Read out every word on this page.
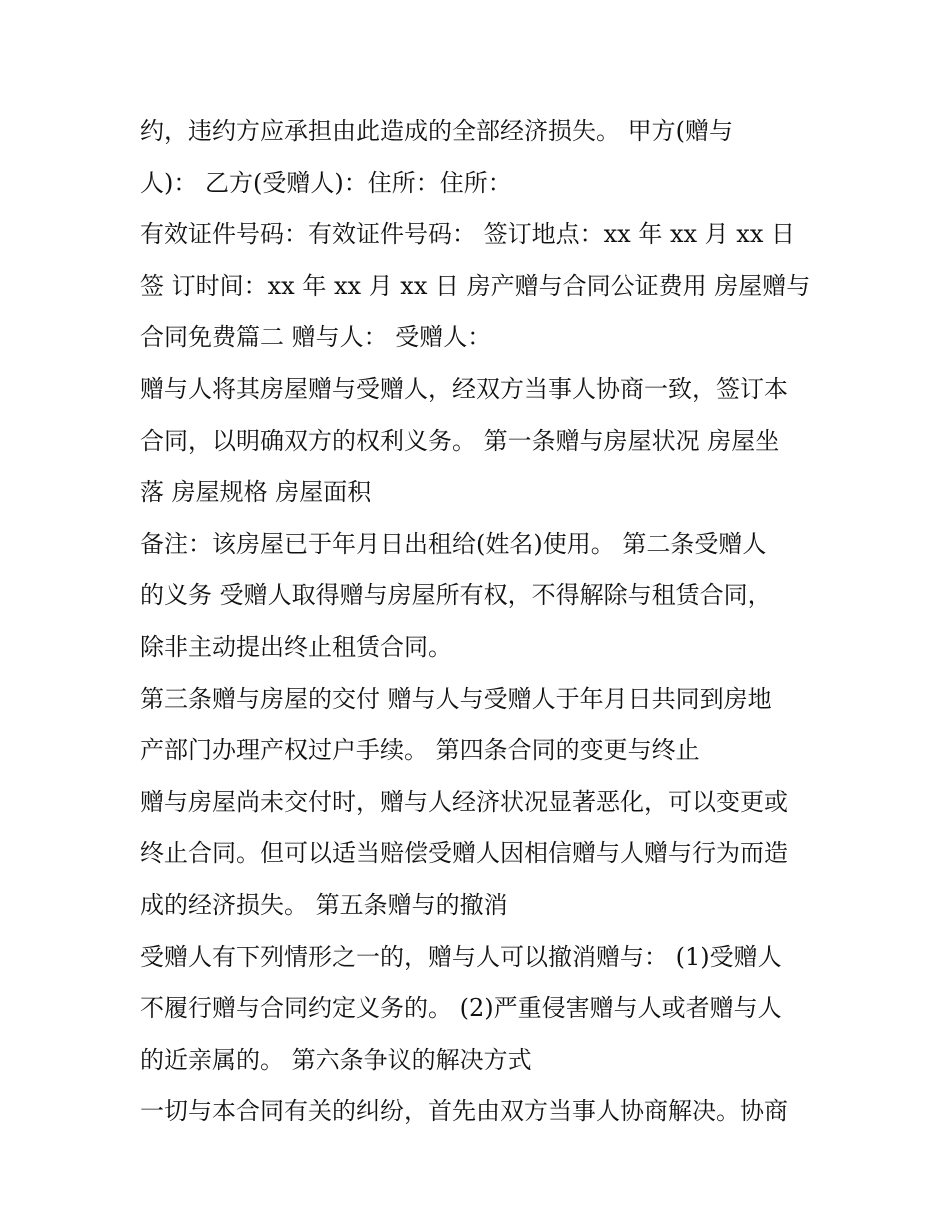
约，违约方应承担由此造成的全部经济损失。 甲方(赠与
人)： 乙方(受赠人)：住所：住所：
有效证件号码：有效证件号码： 签订地点：xx 年 xx 月 xx 日
签 订时间：xx 年 xx 月 xx 日 房产赠与合同公证费用 房屋赠与
合同免费篇二 赠与人： 受赠人：
赠与人将其房屋赠与受赠人，经双方当事人协商一致，签订本
合同，以明确双方的权利义务。 第一条赠与房屋状况 房屋坐
落 房屋规格 房屋面积
备注：该房屋已于年月日出租给(姓名)使用。 第二条受赠人
的义务 受赠人取得赠与房屋所有权，不得解除与租赁合同，
除非主动提出终止租赁合同。
第三条赠与房屋的交付 赠与人与受赠人于年月日共同到房地
产部门办理产权过户手续。 第四条合同的变更与终止
赠与房屋尚未交付时，赠与人经济状况显著恶化，可以变更或
终止合同。但可以适当赔偿受赠人因相信赠与人赠与行为而造
成的经济损失。 第五条赠与的撤消
受赠人有下列情形之一的，赠与人可以撤消赠与： (1)受赠人
不履行赠与合同约定义务的。 (2)严重侵害赠与人或者赠与人
的近亲属的。 第六条争议的解决方式
一切与本合同有关的纠纷，首先由双方当事人协商解决。协商
